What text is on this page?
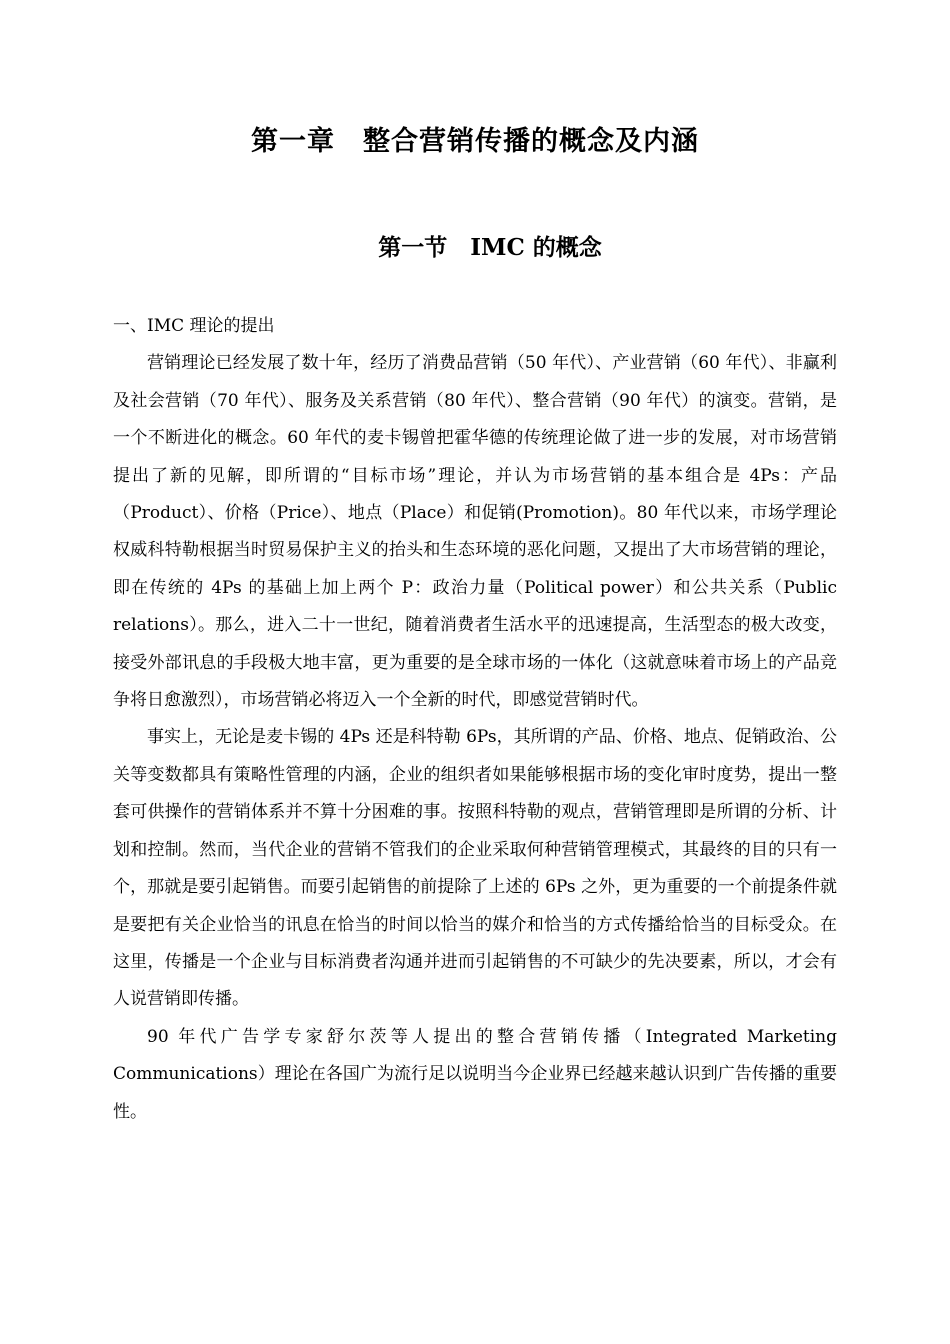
第一章　整合营销传播的概念及内涵
第一节　IMC 的概念

一、IMC 理论的提出

营销理论已经发展了数十年，经历了消费品营销（50 年代）、产业营销（60 年代）、非赢利及社会营销（70 年代）、服务及关系营销（80 年代）、整合营销（90 年代）的演变。营销，是一个不断进化的概念。60 年代的麦卡锡曾把霍华德的传统理论做了进一步的发展，对市场营销提出了新的见解，即所谓的“目标市场”理论，并认为市场营销的基本组合是 4Ps：产品（Product）、价格（Price）、地点（Place）和促销(Promotion)。80 年代以来，市场学理论权威科特勒根据当时贸易保护主义的抬头和生态环境的恶化问题，又提出了大市场营销的理论，即在传统的 4Ps 的基础上加上两个 P：政治力量（Political power）和公共关系（Public relations）。那么，进入二十一世纪，随着消费者生活水平的迅速提高，生活型态的极大改变，接受外部讯息的手段极大地丰富，更为重要的是全球市场的一体化（这就意味着市场上的产品竞争将日愈激烈），市场营销必将迈入一个全新的时代，即感觉营销时代。

事实上，无论是麦卡锡的 4Ps 还是科特勒 6Ps，其所谓的产品、价格、地点、促销政治、公关等变数都具有策略性管理的内涵，企业的组织者如果能够根据市场的变化审时度势，提出一整套可供操作的营销体系并不算十分困难的事。按照科特勒的观点，营销管理即是所谓的分析、计划和控制。然而，当代企业的营销不管我们的企业采取何种营销管理模式，其最终的目的只有一个，那就是要引起销售。而要引起销售的前提除了上述的 6Ps 之外，更为重要的一个前提条件就是要把有关企业恰当的讯息在恰当的时间以恰当的媒介和恰当的方式传播给恰当的目标受众。在这里，传播是一个企业与目标消费者沟通并进而引起销售的不可缺少的先决要素，所以，才会有人说营销即传播。

90 年代广告学专家舒尔茨等人提出的整合营销传播（Integrated Marketing Communications）理论在各国广为流行足以说明当今企业界已经越来越认识到广告传播的重要性。
